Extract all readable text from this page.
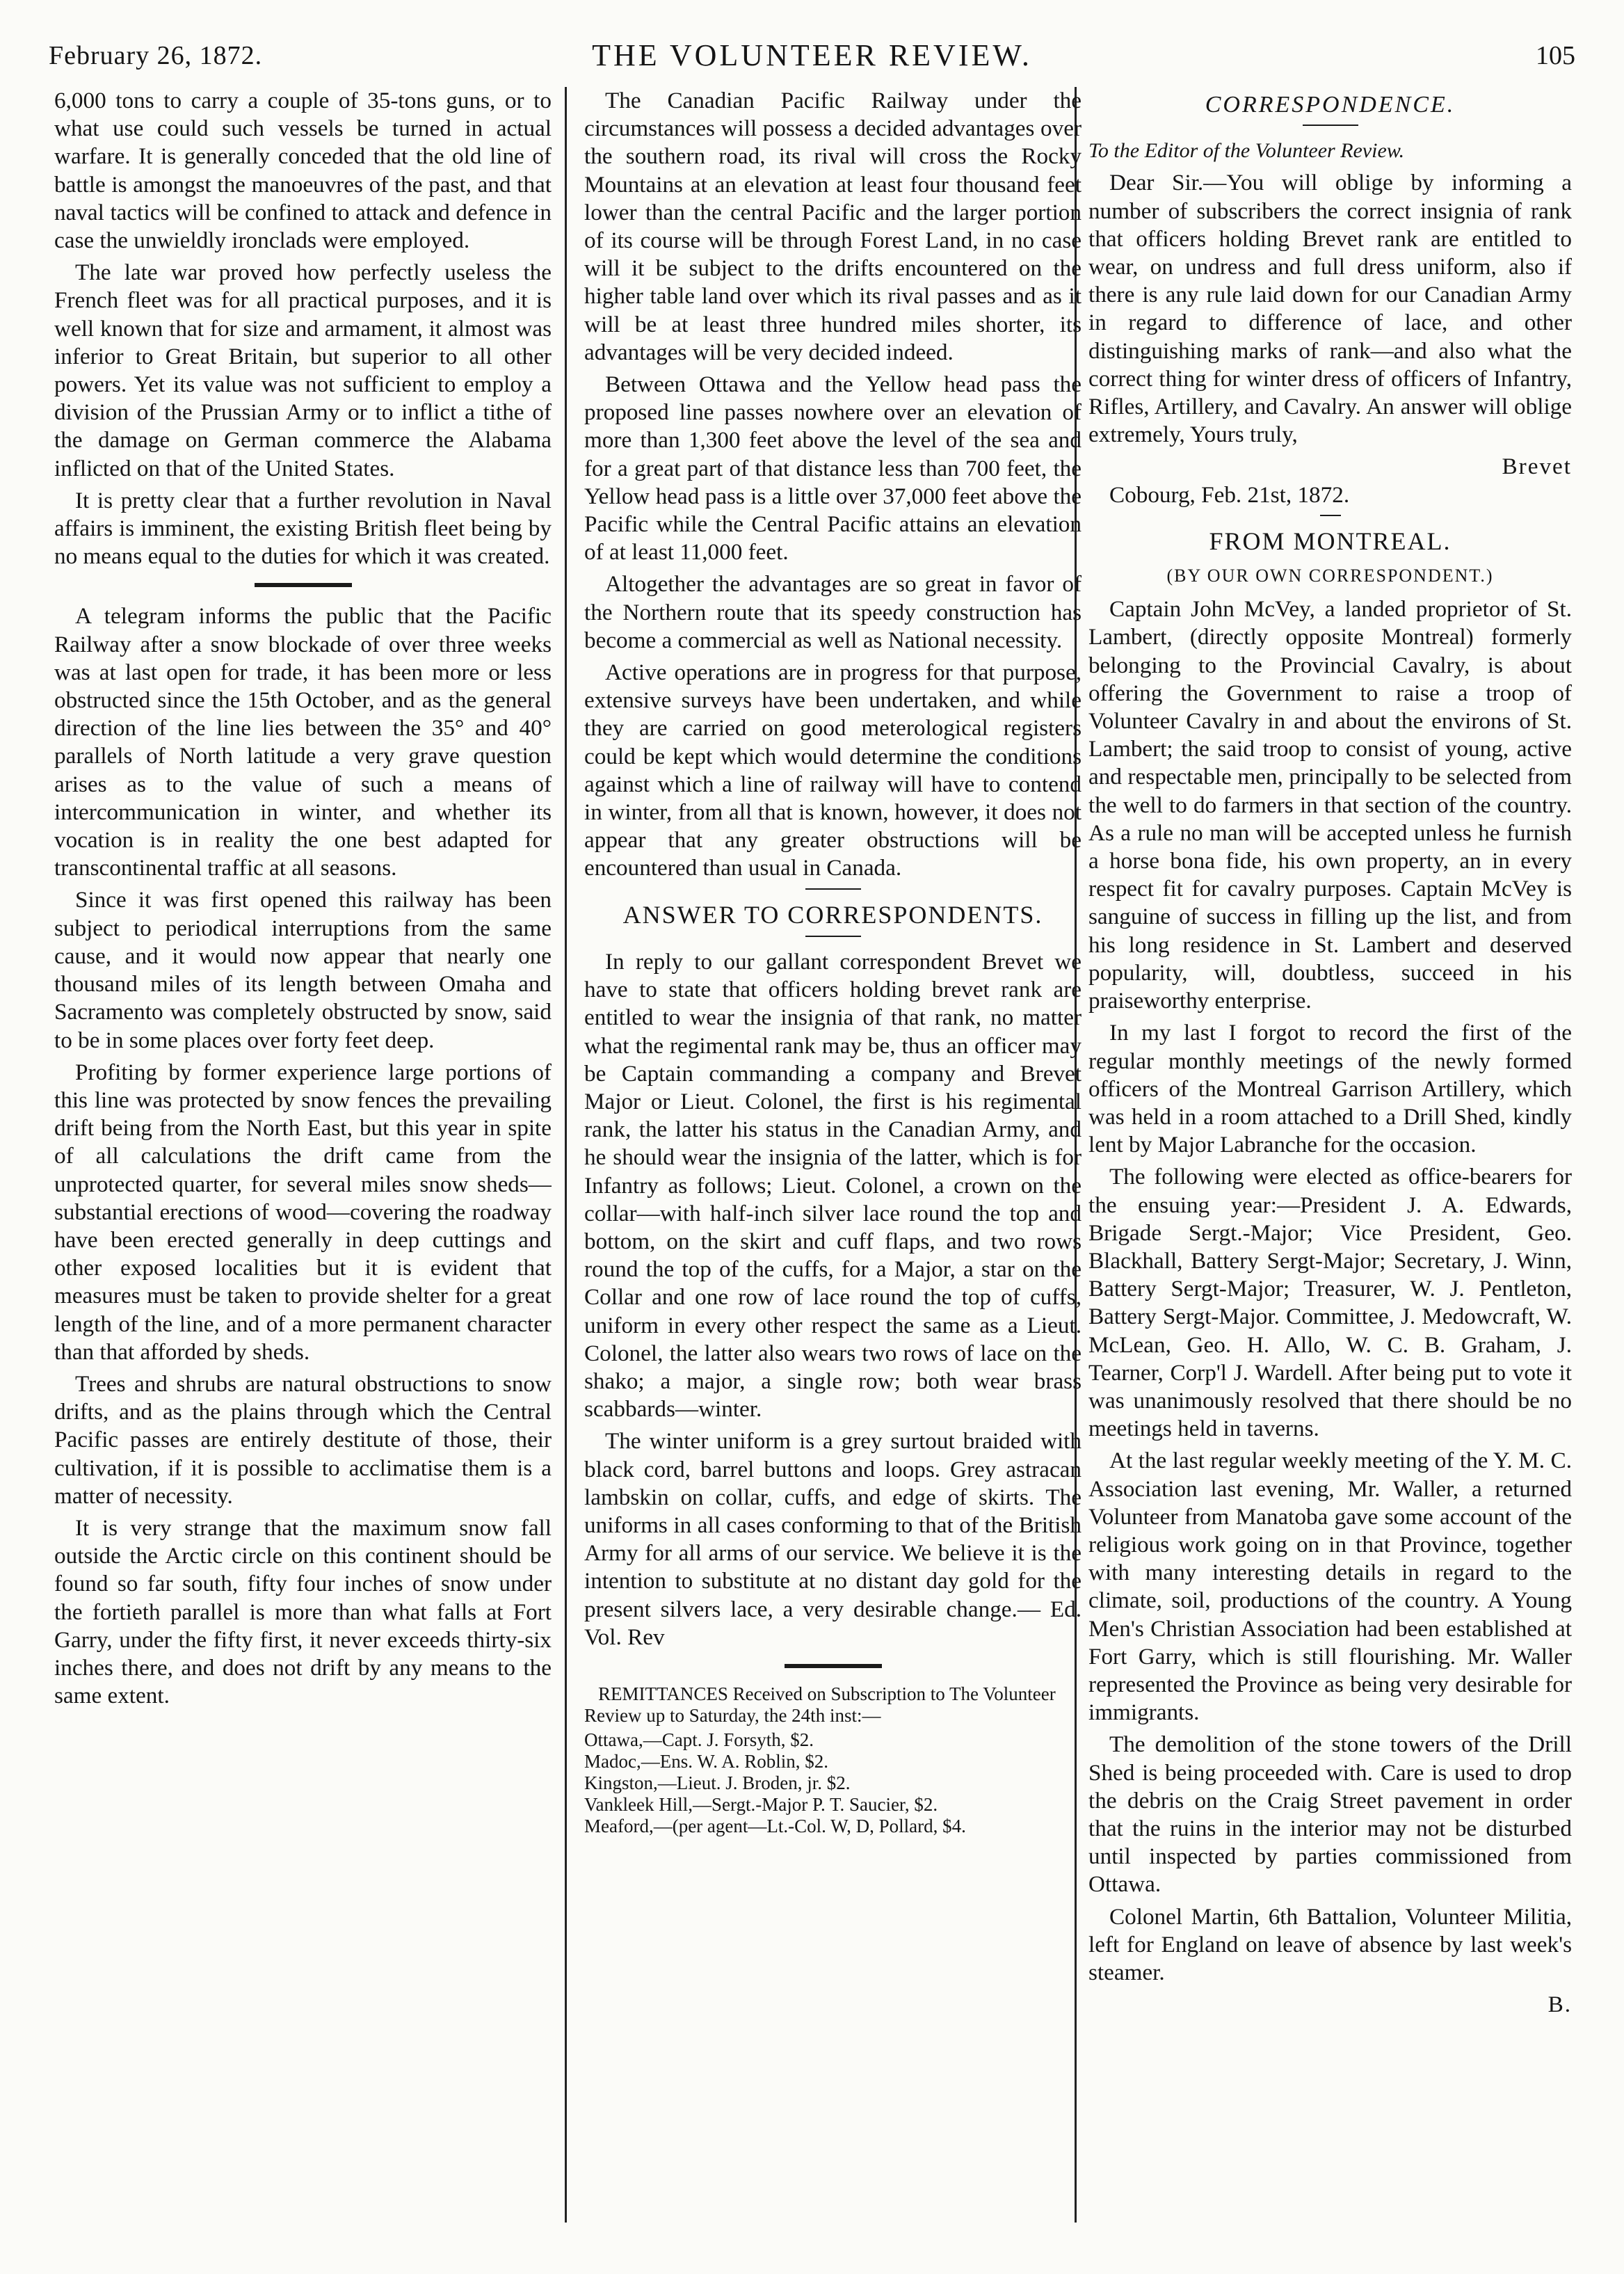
February 26, 1872.	THE VOLUNTEER REVIEW.	105

6,000 tons to carry a couple of 35-tons guns, or to what use could such vessels be turned in actual warfare. It is generally conceded that the old line of battle is amongst the manoeuvres of the past, and that naval tactics will be confined to attack and defence in case the unwieldly ironclads were employed.

The late war proved how perfectly useless the French fleet was for all practical purposes, and it is well known that for size and armament, it almost was inferior to Great Britain, but superior to all other powers. Yet its value was not sufficient to employ a division of the Prussian Army or to inflict a tithe of the damage on German commerce the Alabama inflicted on that of the United States.

It is pretty clear that a further revolution in Naval affairs is imminent, the existing British fleet being by no means equal to the duties for which it was created.

A telegram informs the public that the Pacific Railway after a snow blockade of over three weeks was at last open for trade, it has been more or less obstructed since the 15th October, and as the general direction of the line lies between the 35° and 40° parallels of North latitude a very grave question arises as to the value of such a means of intercommunication in winter, and whether its vocation is in reality the one best adapted for transcontinental traffic at all seasons.

Since it was first opened this railway has been subject to periodical interruptions from the same cause, and it would now appear that nearly one thousand miles of its length between Omaha and Sacramento was completely obstructed by snow, said to be in some places over forty feet deep.

Profiting by former experience large portions of this line was protected by snow fences the prevailing drift being from the North East, but this year in spite of all calculations the drift came from the unprotected quarter, for several miles snow sheds—substantial erections of wood—covering the roadway have been erected generally in deep cuttings and other exposed localities but it is evident that measures must be taken to provide shelter for a great length of the line, and of a more permanent character than that afforded by sheds.

Trees and shrubs are natural obstructions to snow drifts, and as the plains through which the Central Pacific passes are entirely destitute of those, their cultivation, if it is possible to acclimatise them is a matter of necessity.

It is very strange that the maximum snow fall outside the Arctic circle on this continent should be found so far south, fifty four inches of snow under the fortieth parallel is more than what falls at Fort Garry, under the fifty first, it never exceeds thirty-six inches there, and does not drift by any means to the same extent.

The Canadian Pacific Railway under the circumstances will possess a decided advantages over the southern road, its rival will cross the Rocky Mountains at an elevation at least four thousand feet lower than the central Pacific and the larger portion of its course will be through Forest Land, in no case will it be subject to the drifts encountered on the higher table land over which its rival passes and as it will be at least three hundred miles shorter, its advantages will be very decided indeed.

Between Ottawa and the Yellow head pass the proposed line passes nowhere over an elevation of more than 1,300 feet above the level of the sea and for a great part of that distance less than 700 feet, the Yellow head pass is a little over 37,000 feet above the Pacific while the Central Pacific attains an elevation of at least 11,000 feet.

Altogether the advantages are so great in favor of the Northern route that its speedy construction has become a commercial as well as National necessity.

Active operations are in progress for that purpose, extensive surveys have been undertaken, and while they are carried on good meterological registers could be kept which would determine the conditions against which a line of railway will have to contend in winter, from all that is known, however, it does not appear that any greater obstructions will be encountered than usual in Canada.

ANSWER TO CORRESPONDENTS.

In reply to our gallant correspondent Brevet we have to state that officers holding brevet rank are entitled to wear the insignia of that rank, no matter what the regimental rank may be, thus an officer may be Captain commanding a company and Brevet Major or Lieut. Colonel, the first is his regimental rank, the latter his status in the Canadian Army, and he should wear the insignia of the latter, which is for Infantry as follows; Lieut. Colonel, a crown on the collar—with half-inch silver lace round the top and bottom, on the skirt and cuff flaps, and two rows round the top of the cuffs, for a Major, a star on the Collar and one row of lace round the top of cuffs, uniform in every other respect the same as a Lieut. Colonel, the latter also wears two rows of lace on the shako; a major, a single row; both wear brass scabbards—winter.

The winter uniform is a grey surtout braided with black cord, barrel buttons and loops. Grey astracan lambskin on collar, cuffs, and edge of skirts. The uniforms in all cases conforming to that of the British Army for all arms of our service. We believe it is the intention to substitute at no distant day gold for the present silvers lace, a very desirable change.— Ed. Vol. Rev

REMITTANCES Received on Subscription to The Volunteer Review up to Saturday, the 24th inst:—

Ottawa,—Capt. J. Forsyth, $2.

Madoc,—Ens. W. A. Roblin, $2.

Kingston,—Lieut. J. Broden, jr. $2.

Vankleek Hill,—Sergt.-Major P. T. Saucier, $2.

Meaford,—(per agent—Lt.-Col. W, D, Pollard, $4.

CORRESPONDENCE.

To the Editor of the Volunteer Review.

Dear Sir.—You will oblige by informing a number of subscribers the correct insignia of rank that officers holding Brevet rank are entitled to wear, on undress and full dress uniform, also if there is any rule laid down for our Canadian Army in regard to difference of lace, and other distinguishing marks of rank—and also what the correct thing for winter dress of officers of Infantry, Rifles, Artillery, and Cavalry. An answer will oblige extremely, Yours truly,

Brevet

Cobourg, Feb. 21st, 1872.

FROM MONTREAL.
(BY OUR OWN CORRESPONDENT.)

Captain John McVey, a landed proprietor of St. Lambert, (directly opposite Montreal) formerly belonging to the Provincial Cavalry, is about offering the Government to raise a troop of Volunteer Cavalry in and about the environs of St. Lambert; the said troop to consist of young, active and respectable men, principally to be selected from the well to do farmers in that section of the country. As a rule no man will be accepted unless he furnish a horse bona fide, his own property, an in every respect fit for cavalry purposes. Captain McVey is sanguine of success in filling up the list, and from his long residence in St. Lambert and deserved popularity, will, doubtless, succeed in his praiseworthy enterprise.

In my last I forgot to record the first of the regular monthly meetings of the newly formed officers of the Montreal Garrison Artillery, which was held in a room attached to a Drill Shed, kindly lent by Major Labranche for the occasion.

The following were elected as office-bearers for the ensuing year:—President J. A. Edwards, Brigade Sergt.-Major; Vice President, Geo. Blackhall, Battery Sergt-Major; Secretary, J. Winn, Battery Sergt-Major; Treasurer, W. J. Pentleton, Battery Sergt-Major. Committee, J. Medowcraft, W. McLean, Geo. H. Allo, W. C. B. Graham, J. Tearner, Corp'l J. Wardell. After being put to vote it was unanimously resolved that there should be no meetings held in taverns.

At the last regular weekly meeting of the Y. M. C. Association last evening, Mr. Waller, a returned Volunteer from Manatoba gave some account of the religious work going on in that Province, together with many interesting details in regard to the climate, soil, productions of the country. A Young Men's Christian Association had been established at Fort Garry, which is still flourishing. Mr. Waller represented the Province as being very desirable for immigrants.

The demolition of the stone towers of the Drill Shed is being proceeded with. Care is used to drop the debris on the Craig Street pavement in order that the ruins in the interior may not be disturbed until inspected by parties commissioned from Ottawa.

Colonel Martin, 6th Battalion, Volunteer Militia, left for England on leave of absence by last week's steamer.

B.
